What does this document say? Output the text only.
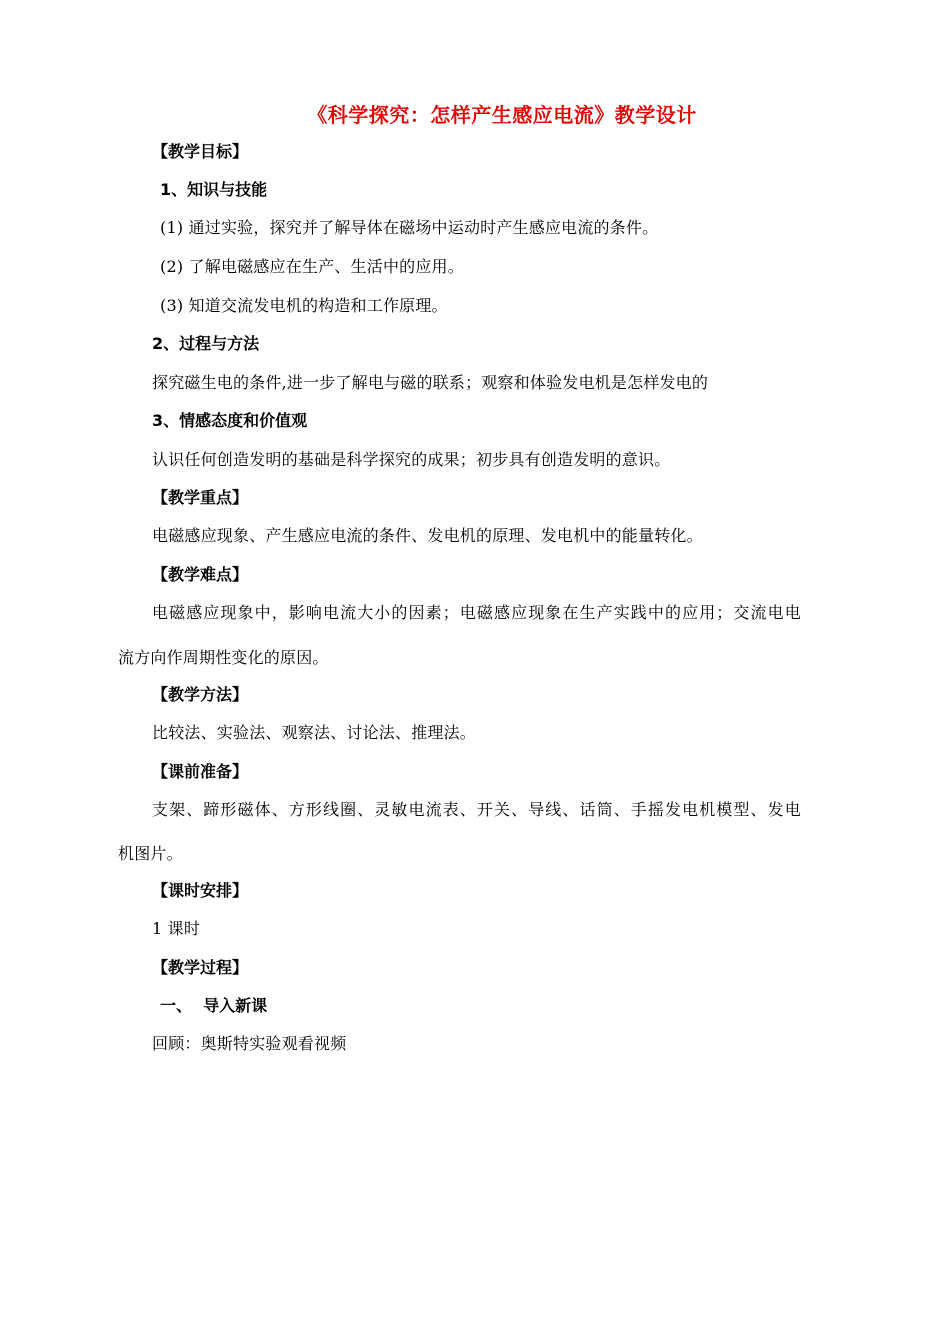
《科学探究：怎样产生感应电流》教学设计
【教学目标】
1、知识与技能
(1) 通过实验，探究并了解导体在磁场中运动时产生感应电流的条件。
(2) 了解电磁感应在生产、生活中的应用。
(3) 知道交流发电机的构造和工作原理。
2、过程与方法
探究磁生电的条件,进一步了解电与磁的联系；观察和体验发电机是怎样发电的
3、情感态度和价值观
认识任何创造发明的基础是科学探究的成果；初步具有创造发明的意识。
【教学重点】
电磁感应现象、产生感应电流的条件、发电机的原理、发电机中的能量转化。
【教学难点】
电磁感应现象中，影响电流大小的因素；电磁感应现象在生产实践中的应用；交流电电
流方向作周期性变化的原因。
【教学方法】
比较法、实验法、观察法、讨论法、推理法。
【课前准备】
支架、蹄形磁体、方形线圈、灵敏电流表、开关、导线、话筒、手摇发电机模型、发电
机图片。
【课时安排】
1 课时
【教学过程】
一、  导入新课
回顾：奥斯特实验观看视频
